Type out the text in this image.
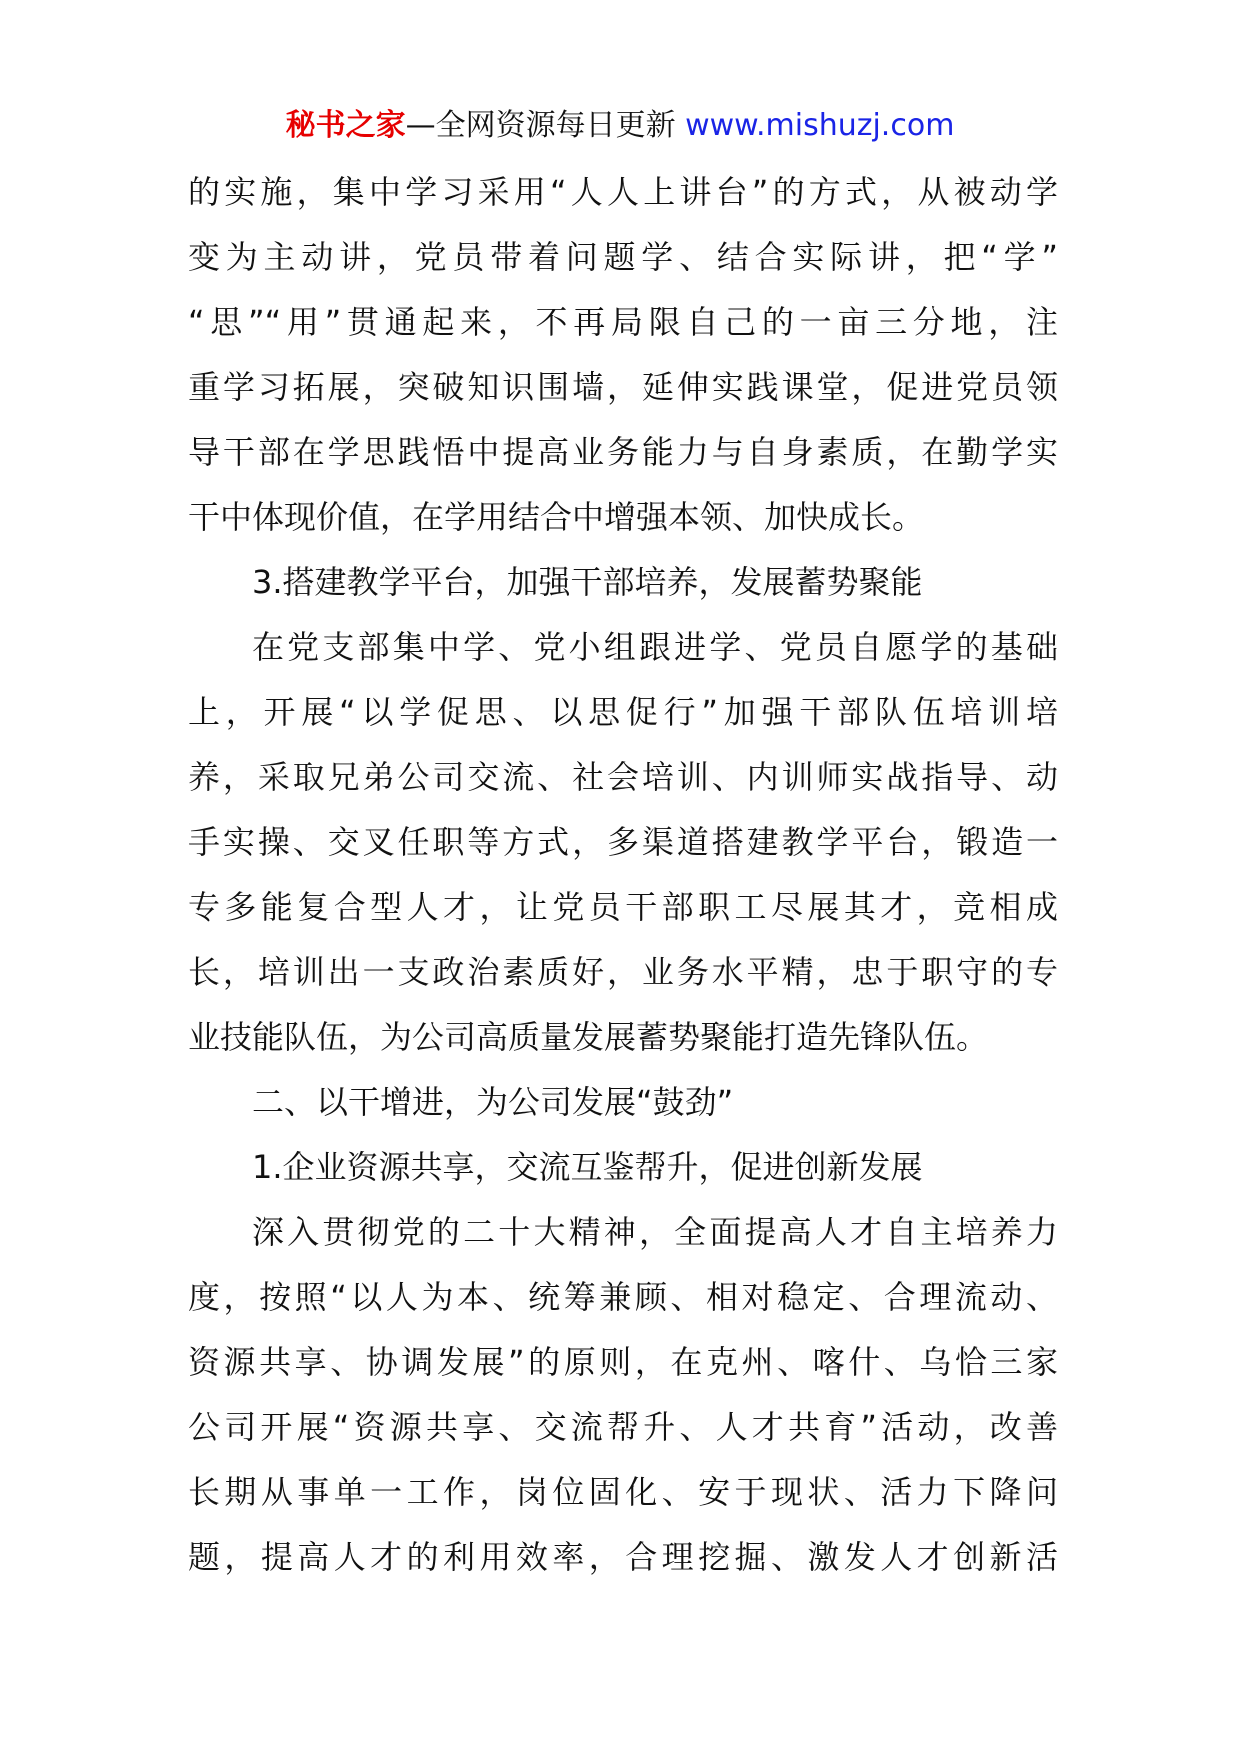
秘书之家—全网资源每日更新 www.mishuzj.com
的实施，集中学习采用“人人上讲台”的方式，从被动学
变为主动讲，党员带着问题学、结合实际讲，把“学”
“思”“用”贯通起来，不再局限自己的一亩三分地，注
重学习拓展，突破知识围墙，延伸实践课堂，促进党员领
导干部在学思践悟中提高业务能力与自身素质，在勤学实
干中体现价值，在学用结合中增强本领、加快成长。
3.搭建教学平台，加强干部培养，发展蓄势聚能
在党支部集中学、党小组跟进学、党员自愿学的基础
上，开展“以学促思、以思促行”加强干部队伍培训培
养，采取兄弟公司交流、社会培训、内训师实战指导、动
手实操、交叉任职等方式，多渠道搭建教学平台，锻造一
专多能复合型人才，让党员干部职工尽展其才，竞相成
长，培训出一支政治素质好，业务水平精，忠于职守的专
业技能队伍，为公司高质量发展蓄势聚能打造先锋队伍。
二、以干增进，为公司发展“鼓劲”
1.企业资源共享，交流互鉴帮升，促进创新发展
深入贯彻党的二十大精神，全面提高人才自主培养力
度，按照“以人为本、统筹兼顾、相对稳定、合理流动、
资源共享、协调发展”的原则，在克州、喀什、乌恰三家
公司开展“资源共享、交流帮升、人才共育”活动，改善
长期从事单一工作，岗位固化、安于现状、活力下降问
题，提高人才的利用效率，合理挖掘、激发人才创新活
